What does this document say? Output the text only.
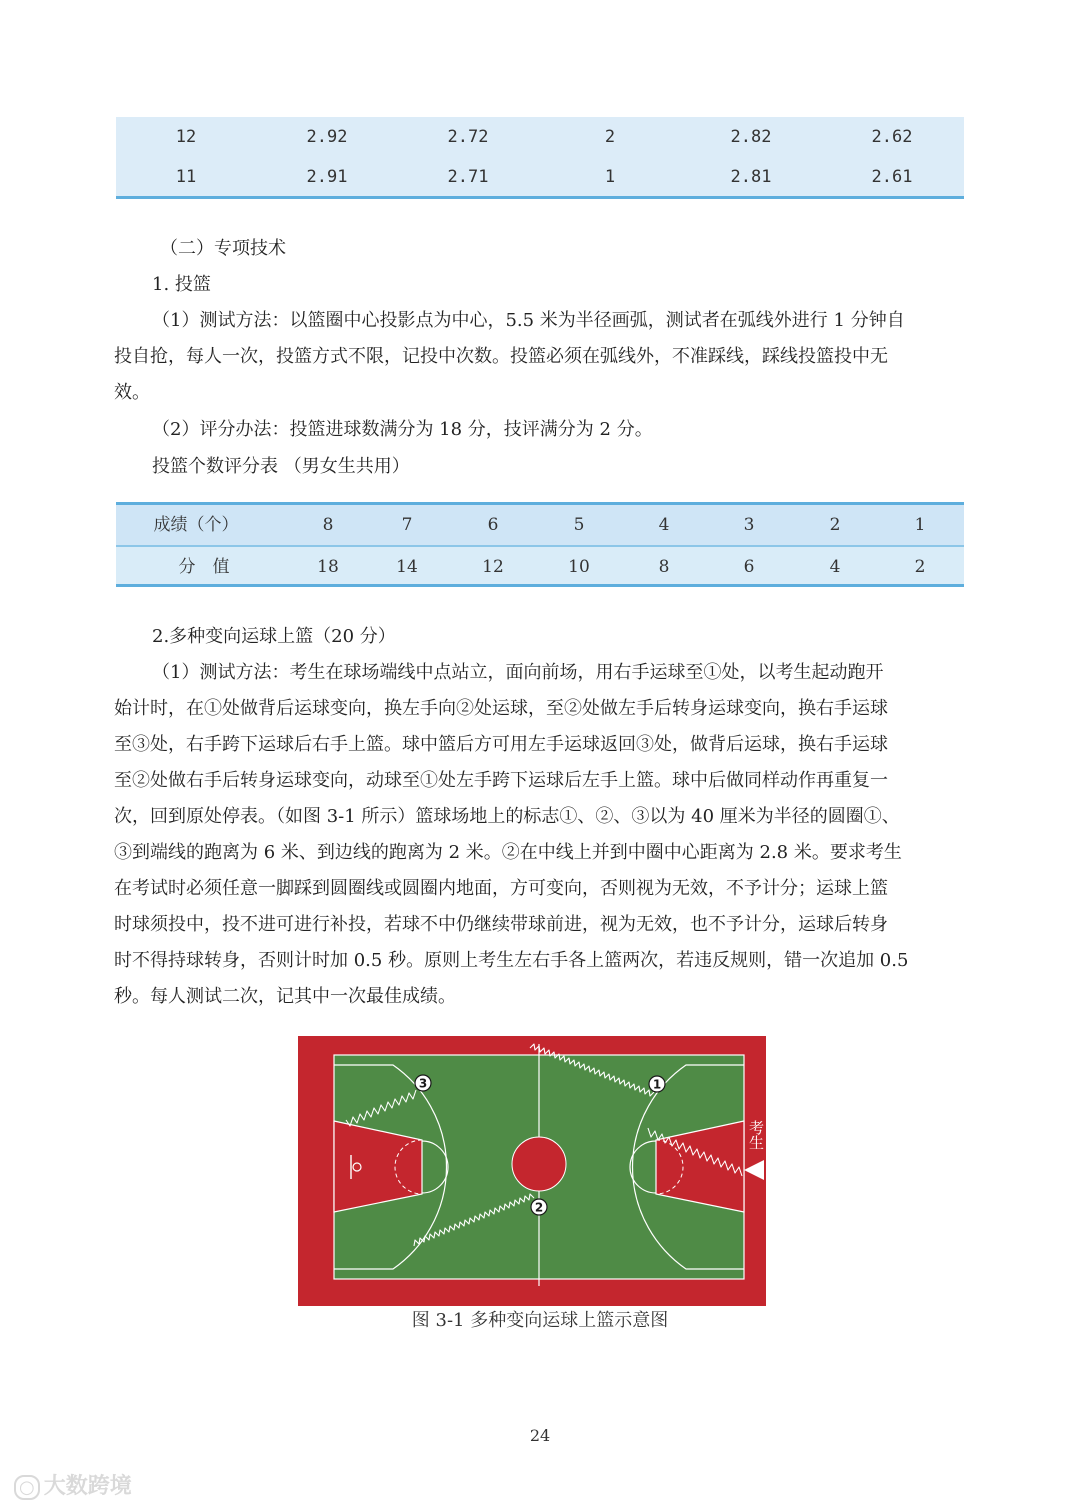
12	2.92	2.72	2	2.82	2.62
11	2.91	2.71	1	2.81	2.61
（二）专项技术
1. 投篮
（1）测试方法：以篮圈中心投影点为中心，5.5 米为半径画弧，测试者在弧线外进行 1 分钟自
投自抢，每人一次，投篮方式不限，记投中次数。投篮必须在弧线外，不准踩线，踩线投篮投中无
效。
（2）评分办法：投篮进球数满分为 18 分，技评满分为 2 分。
投篮个数评分表 （男女生共用）
成绩（个）	8	7	6	5	4	3	2	1
分　值	18	14	12	10	8	6	4	2
2.多种变向运球上篮（20 分）
（1）测试方法：考生在球场端线中点站立，面向前场，用右手运球至①处，以考生起动跑开
始计时，在①处做背后运球变向，换左手向②处运球，至②处做左手后转身运球变向，换右手运球
至③处，右手跨下运球后右手上篮。球中篮后方可用左手运球返回③处，做背后运球，换右手运球
至②处做右手后转身运球变向，动球至①处左手跨下运球后左手上篮。球中后做同样动作再重复一
次，回到原处停表。（如图 3-1 所示）篮球场地上的标志①、②、③以为 40 厘米为半径的圆圈①、
③到端线的跑离为 6 米、到边线的跑离为 2 米。②在中线上并到中圈中心距离为 2.8 米。要求考生
在考试时必须任意一脚踩到圆圈线或圆圈内地面，方可变向，否则视为无效，不予计分；运球上篮
时球须投中，投不进可进行补投，若球不中仍继续带球前进，视为无效，也不予计分，运球后转身
时不得持球转身，否则计时加 0.5 秒。原则上考生左右手各上篮两次，若违反规则，错一次追加 0.5
秒。每人测试二次，记其中一次最佳成绩。
1
2
3
考生
图 3-1 多种变向运球上篮示意图
24
○ 大数跨境
